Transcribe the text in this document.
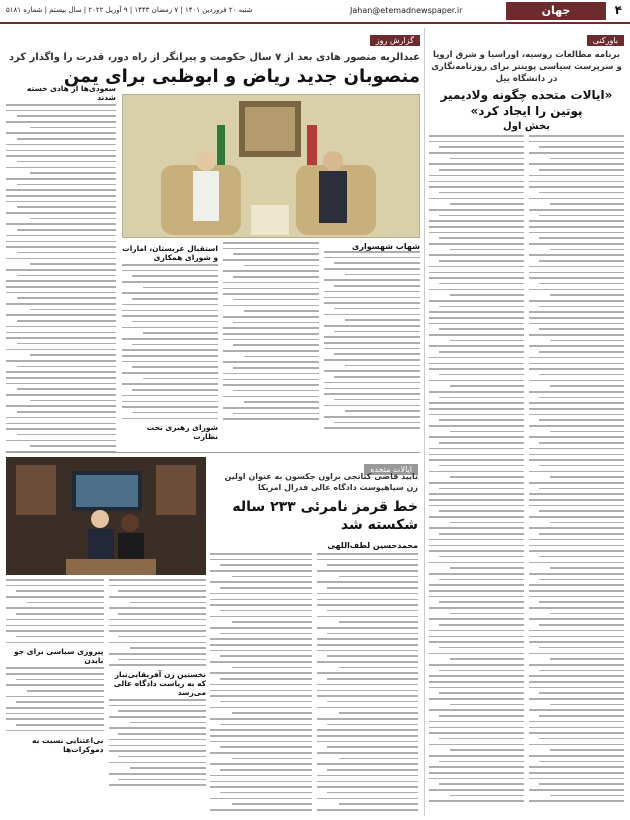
۴
جهان
Jahan@etemadnewspaper.ir
شنبه ۲۰ فروردین ۱۴۰۱ | ۷ رمضان ۱۴۴۳ | ۹ آوریل ۲۰۲۲ | سال بیستم | شماره ۵۱۸۱
باورکنی
برنامه مطالعات روسیه، اوراسیا و شرق اروپا و سرپرست سیاسی پوینتر برای روزنامه‌نگاری در دانشگاه ییل
«ایالات متحده چگونه ولادیمیر پوتین را ایجاد کرد»
بخش اول
گزارش روز
عبدالربه منصور هادی بعد از ۷ سال حکومت و پیرانگر از راه دور، قدرت را واگذار کرد
منصوبان جدید ریاض و ابوظبی برای یمن
سعودی‌ها از هادی خسته شدند
شهاب شهسواری
استقبال عربستان، امارات و شورای همکاری
شورای رهبری تحت نظارت
ایالات متحده
تایید قاضی کتانجی براون جکسون به عنوان اولین زن سیاهپوست دادگاه عالی فدرال امریکا
خط قرمز نامرئی ۲۳۳ ساله شکسته شد
محمدحسین لطف‌اللهی
نخستین زن آفریقایی‌تبار که به ریاست دادگاه عالی می‌رسد
پیروزی سیاسی برای جو بایدن
بی‌اعتنایی نسبت به دموکرات‌ها
